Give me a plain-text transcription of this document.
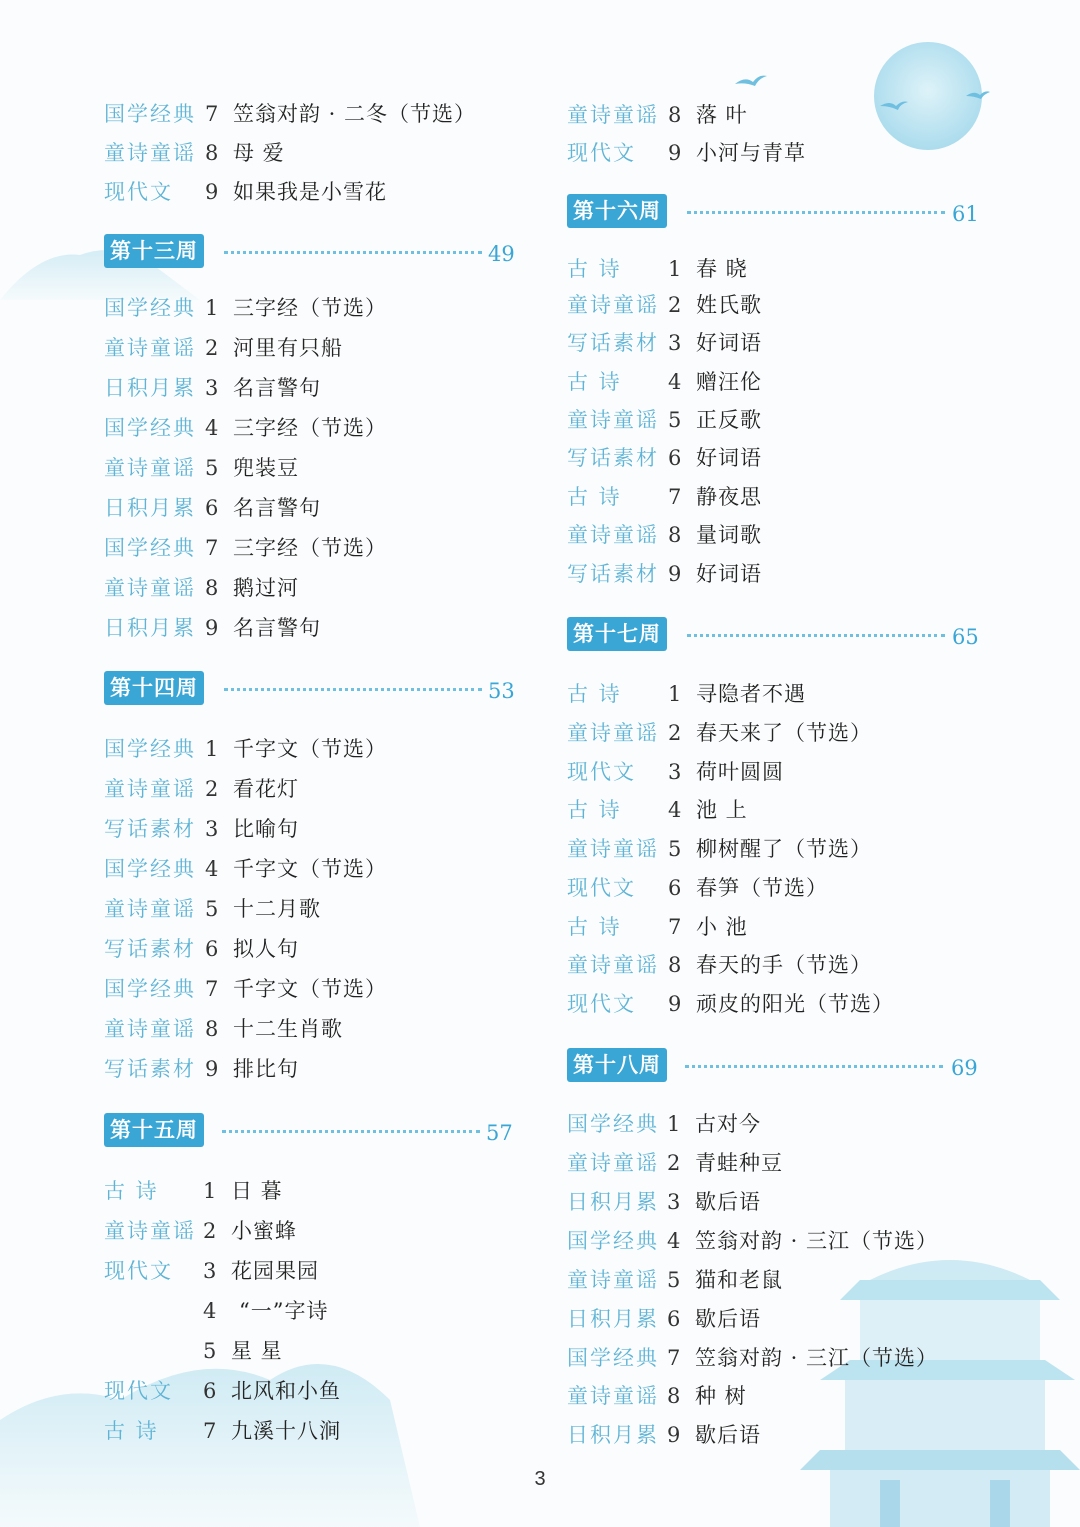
国学经典 7 笠翁对韵 · 二冬（节选）
童诗童谣 8 母 爱
现代文 9 如果我是小雪花
第十三周	49
国学经典 1 三字经（节选）
童诗童谣 2 河里有只船
日积月累 3 名言警句
国学经典 4 三字经（节选）
童诗童谣 5 兜装豆
日积月累 6 名言警句
国学经典 7 三字经（节选）
童诗童谣 8 鹅过河
日积月累 9 名言警句
第十四周	53
国学经典 1 千字文（节选）
童诗童谣 2 看花灯
写话素材 3 比喻句
国学经典 4 千字文（节选）
童诗童谣 5 十二月歌
写话素材 6 拟人句
国学经典 7 千字文（节选）
童诗童谣 8 十二生肖歌
写话素材 9 排比句
第十五周	57
古 诗 1 日 暮
童诗童谣 2 小蜜蜂
现代文 3 花园果园
4 “一”字诗
5 星 星
现代文 6 北风和小鱼
古 诗 7 九溪十八涧
童诗童谣 8 落 叶
现代文 9 小河与青草
第十六周	61
古 诗 1 春 晓
童诗童谣 2 姓氏歌
写话素材 3 好词语
古 诗 4 赠汪伦
童诗童谣 5 正反歌
写话素材 6 好词语
古 诗 7 静夜思
童诗童谣 8 量词歌
写话素材 9 好词语
第十七周	65
古 诗 1 寻隐者不遇
童诗童谣 2 春天来了（节选）
现代文 3 荷叶圆圆
古 诗 4 池 上
童诗童谣 5 柳树醒了（节选）
现代文 6 春笋（节选）
古 诗 7 小 池
童诗童谣 8 春天的手（节选）
现代文 9 顽皮的阳光（节选）
第十八周	69
国学经典 1 古对今
童诗童谣 2 青蛙种豆
日积月累 3 歇后语
国学经典 4 笠翁对韵 · 三江（节选）
童诗童谣 5 猫和老鼠
日积月累 6 歇后语
国学经典 7 笠翁对韵 · 三江（节选）
童诗童谣 8 种 树
日积月累 9 歇后语
3
